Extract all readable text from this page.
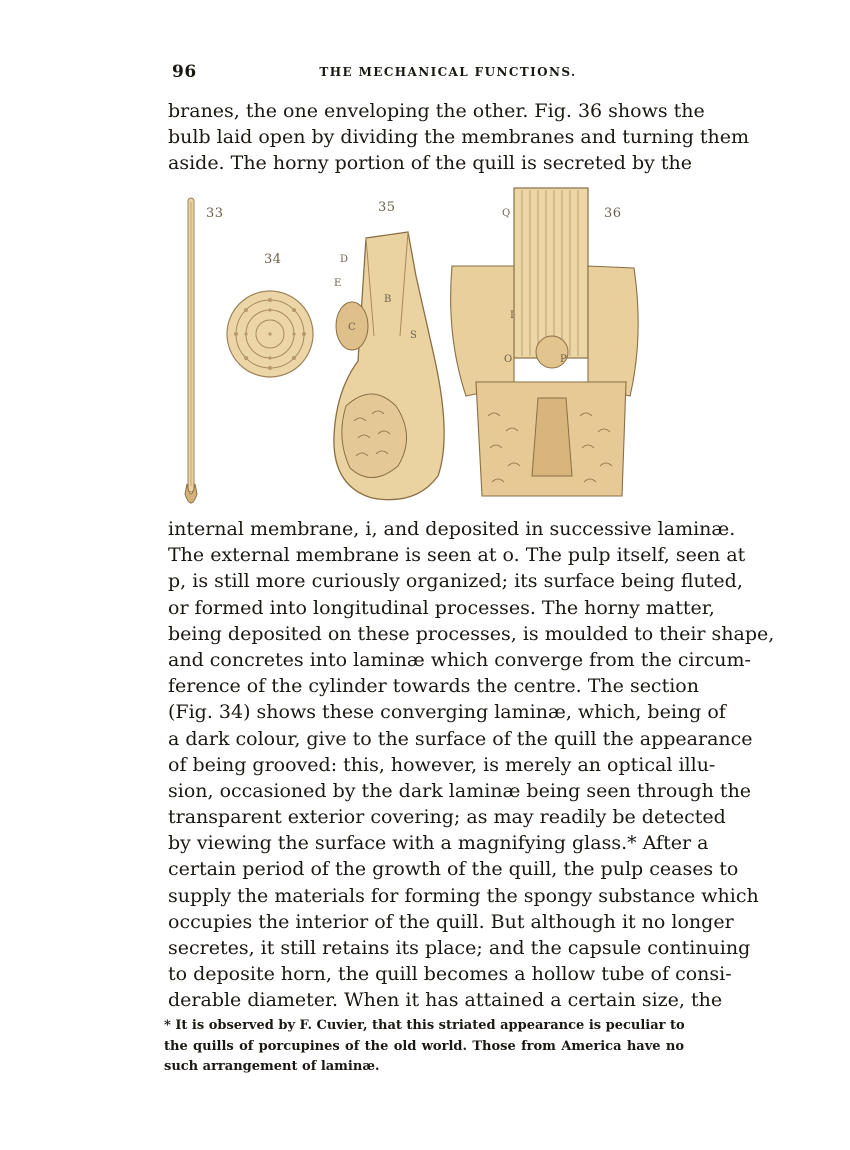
96	THE MECHANICAL FUNCTIONS.
branes, the one enveloping the other. Fig. 36 shows the
bulb laid open by dividing the membranes and turning them
aside. The horny portion of the quill is secreted by the
33
34
35	36
D
E
B
C
S
Q
I
O	P
internal membrane, i, and deposited in successive laminæ.
The external membrane is seen at o. The pulp itself, seen at
p, is still more curiously organized; its surface being fluted,
or formed into longitudinal processes. The horny matter,
being deposited on these processes, is moulded to their shape,
and concretes into laminæ which converge from the circum-
ference of the cylinder towards the centre. The section
(Fig. 34) shows these converging laminæ, which, being of
a dark colour, give to the surface of the quill the appearance
of being grooved: this, however, is merely an optical illu-
sion, occasioned by the dark laminæ being seen through the
transparent exterior covering; as may readily be detected
by viewing the surface with a magnifying glass.* After a
certain period of the growth of the quill, the pulp ceases to
supply the materials for forming the spongy substance which
occupies the interior of the quill. But although it no longer
secretes, it still retains its place; and the capsule continuing
to deposite horn, the quill becomes a hollow tube of consi-
derable diameter. When it has attained a certain size, the
* It is observed by F. Cuvier, that this striated appearance is peculiar to
the quills of porcupines of the old world. Those from America have no
such arrangement of laminæ.
